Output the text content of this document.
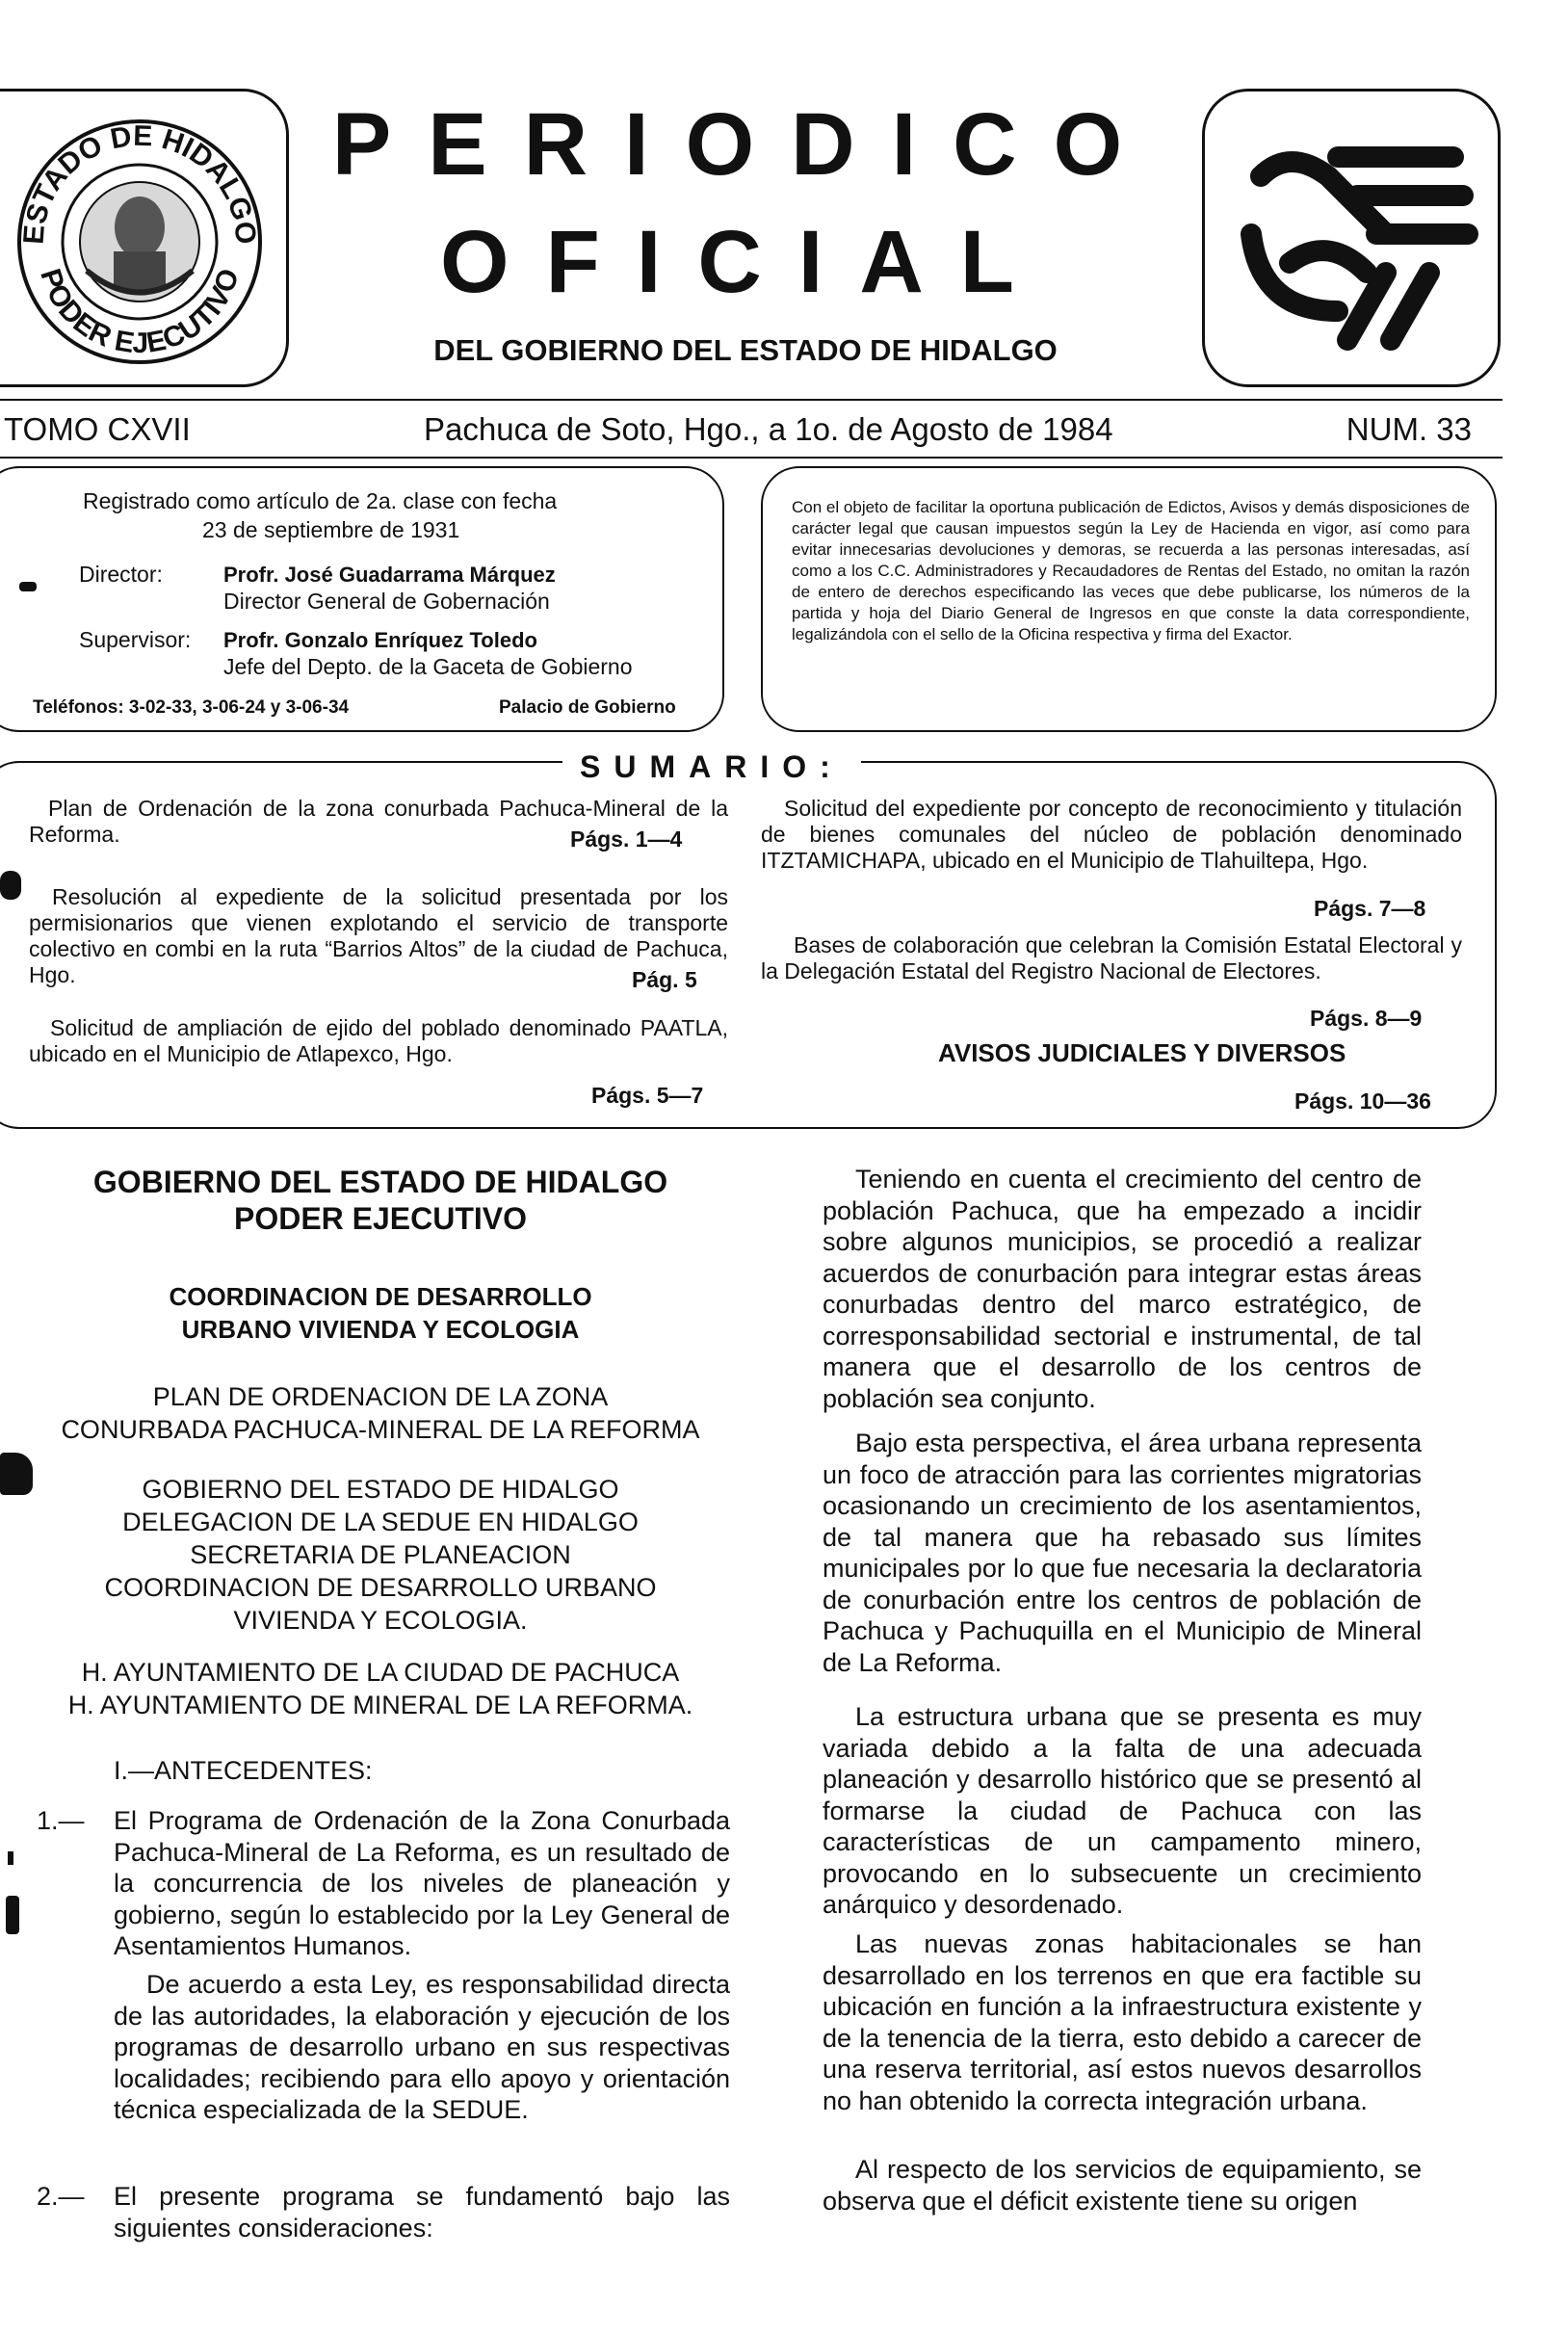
ESTADO DE HIDALGO
PODER EJECUTIVO
PERIODICO
OFICIAL
DEL GOBIERNO DEL ESTADO DE HIDALGO
TOMO CXVII	Pachuca de Soto, Hgo., a 1o. de Agosto de 1984	NUM. 33
Registrado como artículo de 2a. clase con fecha
23 de septiembre de 1931
Director:	Profr. José Guadarrama Márquez
Director General de Gobernación
Supervisor: Profr. Gonzalo Enríquez Toledo
Jefe del Depto. de la Gaceta de Gobierno
Teléfonos: 3-02-33, 3-06-24 y 3-06-34	Palacio de Gobierno
Con el objeto de facilitar la oportuna publicación de Edictos, Avisos y demás disposiciones de carácter legal que causan impuestos según la Ley de Hacienda en vigor, así como para evitar innecesarias devoluciones y demoras, se recuerda a las personas interesadas, así como a los C.C. Administradores y Recaudadores de Rentas del Estado, no omitan la razón de entero de derechos especificando las veces que debe publicarse, los números de la partida y hoja del Diario General de Ingresos en que conste la data correspondiente, legalizándola con el sello de la Oficina respectiva y firma del Exactor.
SUMARIO:
Plan de Ordenación de la zona conurbada Pachuca-Mineral de la Reforma.	Págs. 1—4
Resolución al expediente de la solicitud presentada por los permisionarios que vienen explotando el servicio de transporte colectivo en combi en la ruta “Barrios Altos” de la ciudad de Pachuca, Hgo.	Pág. 5
Solicitud de ampliación de ejido del poblado denominado PAATLA, ubicado en el Municipio de Atlapexco, Hgo.
Págs. 5—7
Solicitud del expediente por concepto de reconocimiento y titulación de bienes comunales del núcleo de población denominado ITZTAMICHAPA, ubicado en el Municipio de Tlahuiltepa, Hgo.
Págs. 7—8
Bases de colaboración que celebran la Comisión Estatal Electoral y la Delegación Estatal del Registro Nacional de Electores.
Págs. 8—9
AVISOS JUDICIALES Y DIVERSOS
Págs. 10—36
GOBIERNO DEL ESTADO DE HIDALGO
PODER EJECUTIVO
COORDINACION DE DESARROLLO
URBANO VIVIENDA Y ECOLOGIA
PLAN DE ORDENACION DE LA ZONA
CONURBADA PACHUCA-MINERAL DE LA REFORMA
GOBIERNO DEL ESTADO DE HIDALGO
DELEGACION DE LA SEDUE EN HIDALGO
SECRETARIA DE PLANEACION
COORDINACION DE DESARROLLO URBANO
VIVIENDA Y ECOLOGIA.
H. AYUNTAMIENTO DE LA CIUDAD DE PACHUCA
H. AYUNTAMIENTO DE MINERAL DE LA REFORMA.
I.—ANTECEDENTES:
1.— El Programa de Ordenación de la Zona Conurbada Pachuca-Mineral de La Reforma, es un resultado de la concurrencia de los niveles de planeación y gobierno, según lo establecido por la Ley General de Asentamientos Humanos.
De acuerdo a esta Ley, es responsabilidad directa de las autoridades, la elaboración y ejecución de los programas de desarrollo urbano en sus respectivas localidades; recibiendo para ello apoyo y orientación técnica especializada de la SEDUE.
2.— El presente programa se fundamentó bajo las siguientes consideraciones:
Teniendo en cuenta el crecimiento del centro de población Pachuca, que ha empezado a incidir sobre algunos municipios, se procedió a realizar acuerdos de conurbación para integrar estas áreas conurbadas dentro del marco estratégico, de corresponsabilidad sectorial e instrumental, de tal manera que el desarrollo de los centros de población sea conjunto.
Bajo esta perspectiva, el área urbana representa un foco de atracción para las corrientes migratorias ocasionando un crecimiento de los asentamientos, de tal manera que ha rebasado sus límites municipales por lo que fue necesaria la declaratoria de conurbación entre los centros de población de Pachuca y Pachuquilla en el Municipio de Mineral de La Reforma.
La estructura urbana que se presenta es muy variada debido a la falta de una adecuada planeación y desarrollo histórico que se presentó al formarse la ciudad de Pachuca con las características de un campamento minero, provocando en lo subsecuente un crecimiento anárquico y desordenado.
Las nuevas zonas habitacionales se han desarrollado en los terrenos en que era factible su ubicación en función a la infraestructura existente y de la tenencia de la tierra, esto debido a carecer de una reserva territorial, así estos nuevos desarrollos no han obtenido la correcta integración urbana.
Al respecto de los servicios de equipamiento, se observa que el déficit existente tiene su origen
